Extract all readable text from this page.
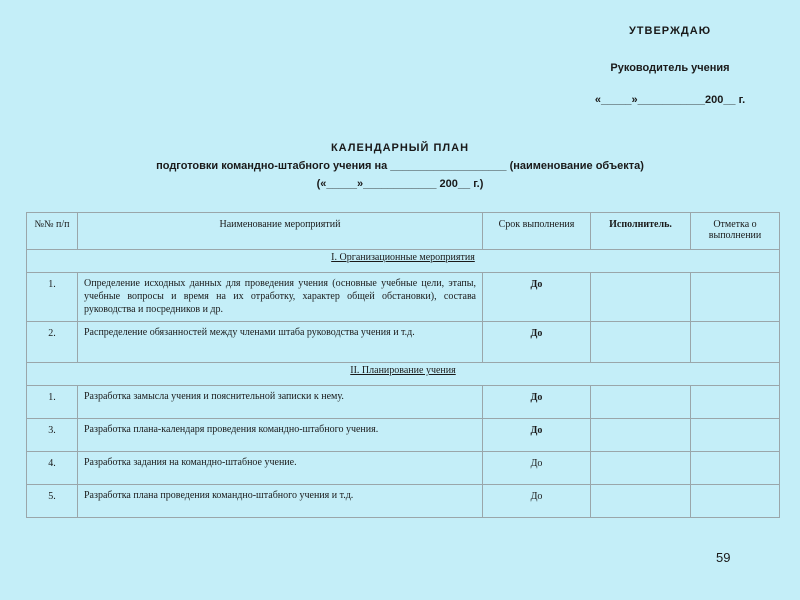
УТВЕРЖДАЮ
Руководитель учения
«_____»___________200__ г.
КАЛЕНДАРНЫЙ ПЛАН
подготовки командно-штабного учения на ___________________ (наименование объекта)
(«_____»____________ 200__ г.)
№№ п/п	Наименование мероприятий	Срок выполнения	Исполнитель.	Отметка о выполнении
I. Организационные мероприятия				
1.	Определение исходных данных для проведения учения (основные учебные цели, этапы, учебные вопросы и время на их отработку, характер общей обстановки), состава руководства и посредников и др.	До		
2.	Распределение обязанностей между членами штаба руководства учения и т.д.	До		
II. Планирование учения				
1.	Разработка замысла учения и пояснительной записки к нему.	До		
3.	Разработка плана-календаря проведения командно-штабного учения.	До		
4.	Разработка задания на командно-штабное учение.	До		
5.	Разработка плана проведения командно-штабного учения и т.д.	До		
59
